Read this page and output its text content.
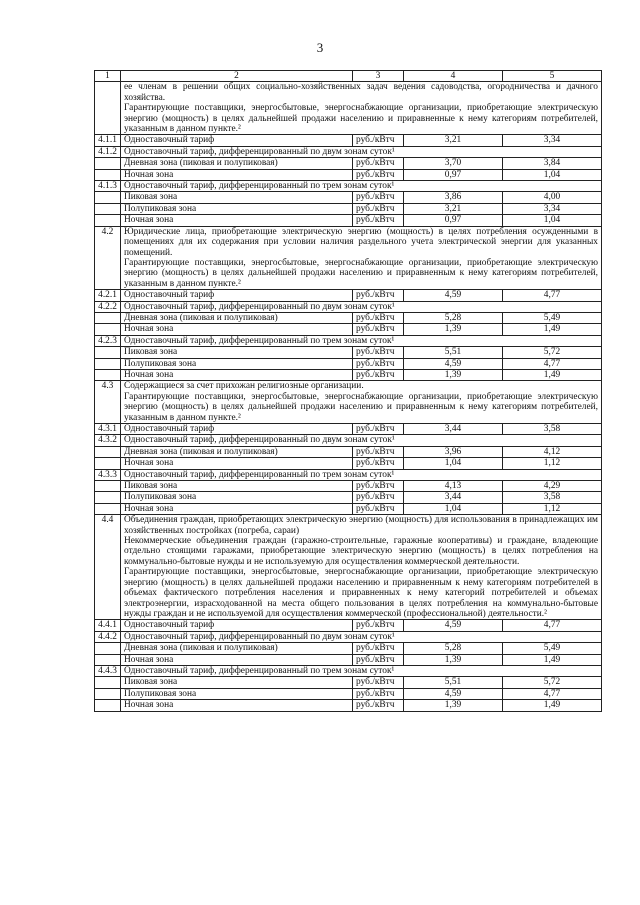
3
1	2	3	4	5

	ее членам в решении общих социально-хозяйственных задач ведения садоводства, огородничества и дачного хозяйства.
Гарантирующие поставщики, энергосбытовые, энергоснабжающие организации, приобретающие электрическую энергию (мощность) в целях дальнейшей продажи населению и приравненные к нему категориям потребителей, указанным в данном пункте.²			

4.1.1	Одноставочный тариф	руб./кВтч	3,21	3,34
4.1.2	Одноставочный тариф, дифференцированный по двум зонам суток¹			
	Дневная зона (пиковая и полупиковая)	руб./кВтч	3,70	3,84
	Ночная зона	руб./кВтч	0,97	1,04
4.1.3	Одноставочный тариф, дифференцированный по трем зонам суток¹			
	Пиковая зона	руб./кВтч	3,86	4,00
	Полупиковая зона	руб./кВтч	3,21	3,34
	Ночная зона	руб./кВтч	0,97	1,04
4.2	Юридические лица, приобретающие электрическую энергию (мощность) в целях потребления осужденными в помещениях для их содержания при условии наличия раздельного учета электрической энергии для указанных помещений.
Гарантирующие поставщики, энергосбытовые, энергоснабжающие организации, приобретающие электрическую энергию (мощность) в целях дальнейшей продажи населению и приравненным к нему категориям потребителей, указанным в данном пункте.²			

4.2.1	Одноставочный тариф	руб./кВтч	4,59	4,77
4.2.2	Одноставочный тариф, дифференцированный по двум зонам суток¹			
	Дневная зона (пиковая и полупиковая)	руб./кВтч	5,28	5,49
	Ночная зона	руб./кВтч	1,39	1,49
4.2.3	Одноставочный тариф, дифференцированный по трем зонам суток¹			
	Пиковая зона	руб./кВтч	5,51	5,72
	Полупиковая зона	руб./кВтч	4,59	4,77
	Ночная зона	руб./кВтч	1,39	1,49
4.3	Содержащиеся за счет прихожан религиозные организации.
Гарантирующие поставщики, энергосбытовые, энергоснабжающие организации, приобретающие электрическую энергию (мощность) в целях дальнейшей продажи населению и приравненным к нему категориям потребителей, указанным в данном пункте.²			

4.3.1	Одноставочный тариф	руб./кВтч	3,44	3,58
4.3.2	Одноставочный тариф, дифференцированный по двум зонам суток¹			
	Дневная зона (пиковая и полупиковая)	руб./кВтч	3,96	4,12
	Ночная зона	руб./кВтч	1,04	1,12
4.3.3	Одноставочный тариф, дифференцированный по трем зонам суток¹			
	Пиковая зона	руб./кВтч	4,13	4,29
	Полупиковая зона	руб./кВтч	3,44	3,58
	Ночная зона	руб./кВтч	1,04	1,12
4.4	Объединения граждан, приобретающих электрическую энергию (мощность) для использования в принадлежащих им хозяйственных постройках (погреба, сараи)
Некоммерческие объединения граждан (гаражно-строительные, гаражные кооперативы) и граждане, владеющие отдельно стоящими гаражами, приобретающие электрическую энергию (мощность) в целях потребления на коммунально-бытовые нужды и не используемую для осуществления коммерческой деятельности.
Гарантирующие поставщики, энергосбытовые, энергоснабжающие организации, приобретающие электрическую энергию (мощность) в целях дальнейшей продажи населению и приравненным к нему категориям потребителей в объемах фактического потребления населения и приравненных к нему категорий потребителей и объемах электроэнергии, израсходованной на места общего пользования в целях потребления на коммунально-бытовые нужды граждан и не используемой для осуществления коммерческой (профессиональной) деятельности.²			

4.4.1	Одноставочный тариф	руб./кВтч	4,59	4,77
4.4.2	Одноставочный тариф, дифференцированный по двум зонам суток¹			
	Дневная зона (пиковая и полупиковая)	руб./кВтч	5,28	5,49
	Ночная зона	руб./кВтч	1,39	1,49
4.4.3	Одноставочный тариф, дифференцированный по трем зонам суток¹			
	Пиковая зона	руб./кВтч	5,51	5,72
	Полупиковая зона	руб./кВтч	4,59	4,77
	Ночная зона	руб./кВтч	1,39	1,49
